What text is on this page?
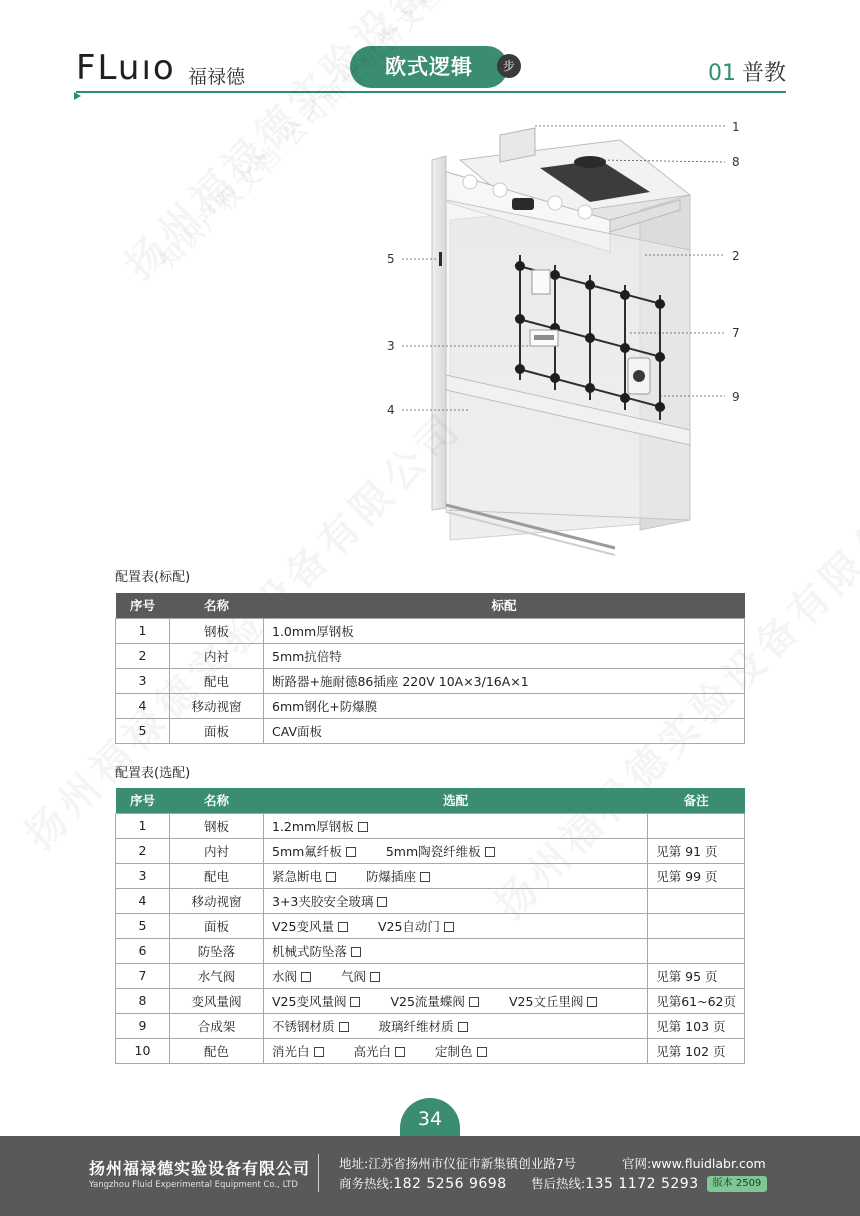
FLuıo 福禄德	欧式逻辑	步	01 普教
1
8
2
5
7
3
9
4
配置表(标配)
序号	名称	标配
1	钢板	1.0mm厚钢板
2	内衬	5mm抗倍特
3	配电	断路器+施耐德86插座 220V 10A×3/16A×1
4	移动视窗	6mm钢化+防爆膜
5	面板	CAV面板
配置表(选配)
序号	名称	选配	备注
1	钢板	1.2mm厚钢板	
2	内衬	5mm氟纤板 5mm陶瓷纤维板	见第 91 页
3	配电	紧急断电 防爆插座	见第 99 页
4	移动视窗	3+3夹胶安全玻璃	
5	面板	V25变风量 V25自动门	
6	防坠落	机械式防坠落	
7	水气阀	水阀 气阀	见第 95 页
8	变风量阀	V25变风量阀 V25流量蝶阀 V25文丘里阀	见第61~62页
9	合成架	不锈钢材质 玻璃纤维材质	见第 103 页
10	配色	消光白 高光白 定制色	见第 102 页
34
扬州福禄德实验设备有限公司
Yangzhou Fluid Experimental Equipment Co., LTD
地址:江苏省扬州市仪征市新集镇创业路7号	官网:www.fluidlabr.com
商务热线:182 5256 9698 售后热线:135 1172 5293	版本 2509
